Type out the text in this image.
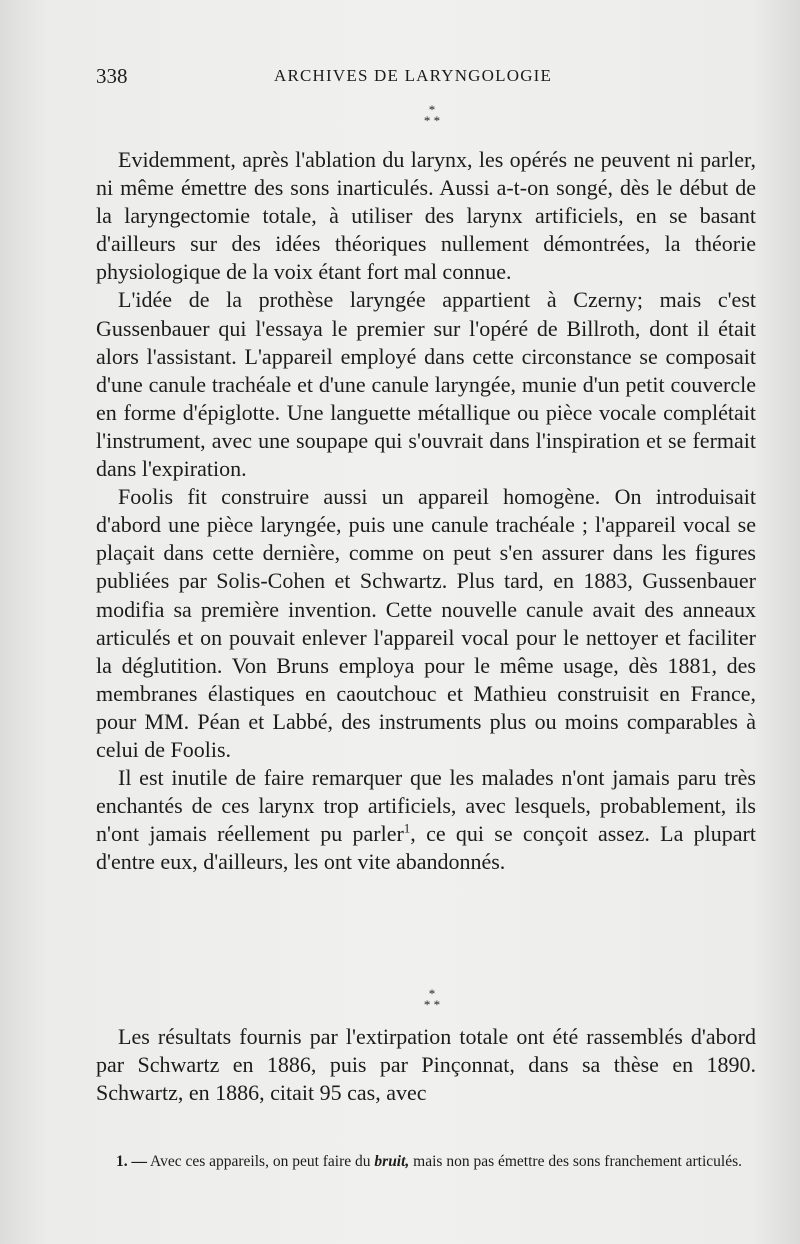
338	ARCHIVES DE LARYNGOLOGIE
*
* *

Evidemment, après l'ablation du larynx, les opérés ne peuvent ni parler, ni même émettre des sons inarticulés. Aussi a-t-on songé, dès le début de la laryngectomie totale, à utiliser des larynx artificiels, en se basant d'ailleurs sur des idées théoriques nullement démontrées, la théorie physiologique de la voix étant fort mal connue.

L'idée de la prothèse laryngée appartient à Czerny; mais c'est Gussenbauer qui l'essaya le premier sur l'opéré de Billroth, dont il était alors l'assistant. L'appareil employé dans cette circonstance se composait d'une canule trachéale et d'une canule laryngée, munie d'un petit couvercle en forme d'épiglotte. Une languette métallique ou pièce vocale complétait l'instrument, avec une soupape qui s'ouvrait dans l'inspiration et se fermait dans l'expiration.

Foolis fit construire aussi un appareil homogène. On introduisait d'abord une pièce laryngée, puis une canule trachéale ; l'appareil vocal se plaçait dans cette dernière, comme on peut s'en assurer dans les figures publiées par Solis-Cohen et Schwartz. Plus tard, en 1883, Gussenbauer modifia sa première invention. Cette nouvelle canule avait des anneaux articulés et on pouvait enlever l'appareil vocal pour le nettoyer et faciliter la déglutition. Von Bruns employa pour le même usage, dès 1881, des membranes élastiques en caoutchouc et Mathieu construisit en France, pour MM. Péan et Labbé, des instruments plus ou moins comparables à celui de Foolis.

Il est inutile de faire remarquer que les malades n'ont jamais paru très enchantés de ces larynx trop artificiels, avec lesquels, probablement, ils n'ont jamais réellement pu parler$^1$, ce qui se conçoit assez. La plupart d'entre eux, d'ailleurs, les ont vite abandonnés.

*
* *

Les résultats fournis par l'extirpation totale ont été rassemblés d'abord par Schwartz en 1886, puis par Pinçonnat, dans sa thèse en 1890. Schwartz, en 1886, citait 95 cas, avec

1. — Avec ces appareils, on peut faire du bruit, mais non pas émettre des sons franchement articulés.
